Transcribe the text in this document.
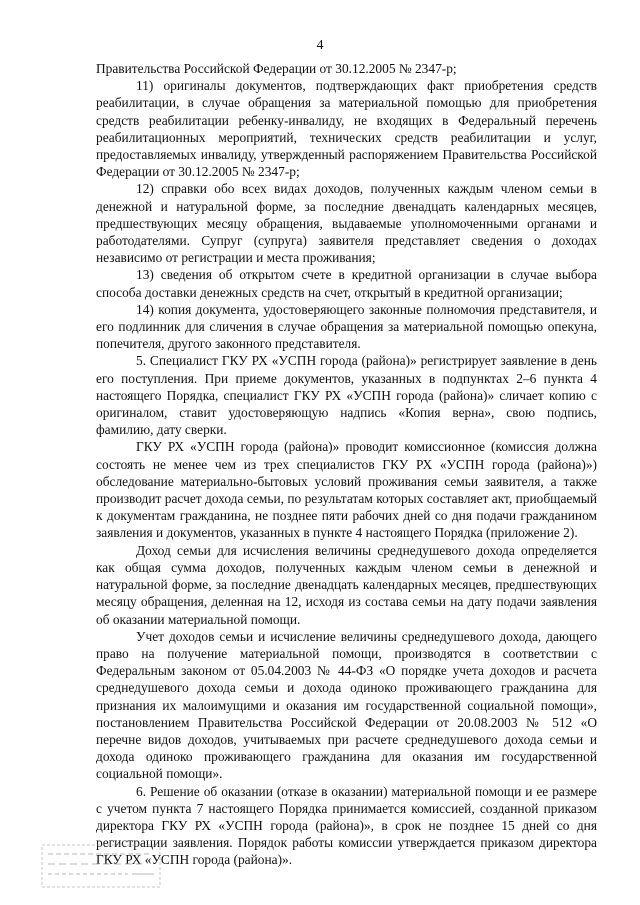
4

Правительства Российской Федерации от 30.12.2005 № 2347-р;

11) оригиналы документов, подтверждающих факт приобретения средств реабилитации, в случае обращения за материальной помощью для приобретения средств реабилитации ребенку-инвалиду, не входящих в Федеральный перечень реабилитационных мероприятий, технических средств реабилитации и услуг, предоставляемых инвалиду, утвержденный распоряжением Правительства Российской Федерации от 30.12.2005 № 2347-р;

12) справки обо всех видах доходов, полученных каждым членом семьи в денежной и натуральной форме, за последние двенадцать календарных месяцев, предшествующих месяцу обращения, выдаваемые уполномоченными органами и работодателями. Супруг (супруга) заявителя представляет сведения о доходах независимо от регистрации и места проживания;

13) сведения об открытом счете в кредитной организации в случае выбора способа доставки денежных средств на счет, открытый в кредитной организации;

14) копия документа, удостоверяющего законные полномочия представителя, и его подлинник для сличения в случае обращения за материальной помощью опекуна, попечителя, другого законного представителя.

5. Специалист ГКУ РХ «УСПН города (района)» регистрирует заявление в день его поступления. При приеме документов, указанных в подпунктах 2–6 пункта 4 настоящего Порядка, специалист ГКУ РХ «УСПН города (района)» сличает копию с оригиналом, ставит удостоверяющую надпись «Копия верна», свою подпись, фамилию, дату сверки.

ГКУ РХ «УСПН города (района)» проводит комиссионное (комиссия должна состоять не менее чем из трех специалистов ГКУ РХ «УСПН города (района)») обследование материально-бытовых условий проживания семьи заявителя, а также производит расчет дохода семьи, по результатам которых составляет акт, приобщаемый к документам гражданина, не позднее пяти рабочих дней со дня подачи гражданином заявления и документов, указанных в пункте 4 настоящего Порядка (приложение 2).

Доход семьи для исчисления величины среднедушевого дохода определяется как общая сумма доходов, полученных каждым членом семьи в денежной и натуральной форме, за последние двенадцать календарных месяцев, предшествующих месяцу обращения, деленная на 12, исходя из состава семьи на дату подачи заявления об оказании материальной помощи.

Учет доходов семьи и исчисление величины среднедушевого дохода, дающего право на получение материальной помощи, производятся в соответствии с Федеральным законом от 05.04.2003 № 44-ФЗ «О порядке учета доходов и расчета среднедушевого дохода семьи и дохода одиноко проживающего гражданина для признания их малоимущими и оказания им государственной социальной помощи», постановлением Правительства Российской Федерации от 20.08.2003 № 512 «О перечне видов доходов, учитываемых при расчете среднедушевого дохода семьи и дохода одиноко проживающего гражданина для оказания им государственной социальной помощи».

6. Решение об оказании (отказе в оказании) материальной помощи и ее размере с учетом пункта 7 настоящего Порядка принимается комиссией, созданной приказом директора ГКУ РХ «УСПН города (района)», в срок не позднее 15 дней со дня регистрации заявления. Порядок работы комиссии утверждается приказом директора ГКУ РХ «УСПН города (района)».
